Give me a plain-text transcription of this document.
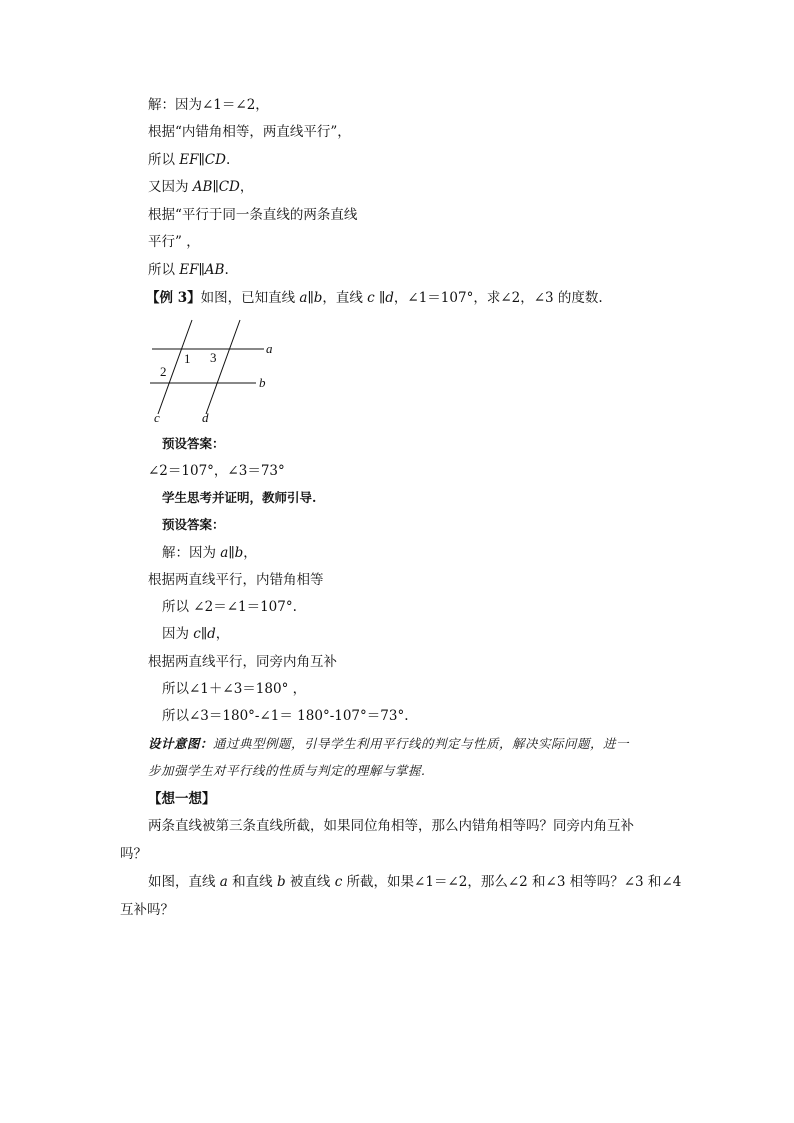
解：因为∠1＝∠2，
根据“内错角相等，两直线平行”，
所以 EF∥CD.
又因为 AB∥CD，
根据“平行于同一条直线的两条直线
平行” ，
所以 EF∥AB.
【例 3】如图，已知直线 a∥b，直线 c ∥d，∠1＝107°，求∠2，∠3 的度数.
1
2
3
a
b
c	d
预设答案：
∠2＝107°，∠3＝73°
学生思考并证明，教师引导.
预设答案：
解：因为 a∥b，
根据两直线平行，内错角相等
所以 ∠2＝∠1＝107°.
因为 c∥d，
根据两直线平行，同旁内角互补
所以∠1＋∠3＝180° ，
所以∠3＝180°-∠1＝ 180°-107°＝73°.
设计意图：通过典型例题，引导学生利用平行线的判定与性质，解决实际问题，进一
步加强学生对平行线的性质与判定的理解与掌握.
【想一想】
两条直线被第三条直线所截，如果同位角相等，那么内错角相等吗？同旁内角互补
吗？
如图，直线 a 和直线 b 被直线 c 所截，如果∠1＝∠2，那么∠2 和∠3 相等吗？∠3 和∠4
互补吗？
